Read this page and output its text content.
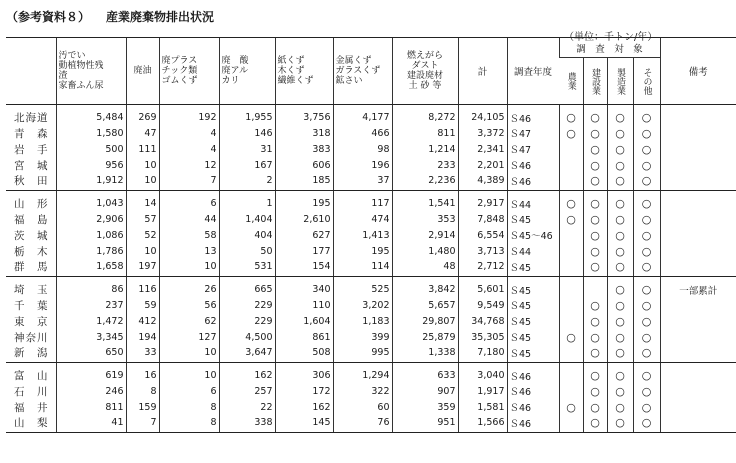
（参考資料８） 産業廃棄物排出状況
（単位：千トン/年）
	汚でい
動植物性残
渣
家畜ふん尿	廃油	廃プラス
チック類
ゴムくず	廃　酸
廃アル
カリ	紙くず
木くず
繊維くず	金属くず
ガラスくず
鉱さい	燃えがら
ダスト
建設廃材
土 砂 等	計	調査年度	調　査　対　象				備考
										農業	建設業	製造業	その他	
北海道	5,484	269	192	1,955	3,756	4,177	8,272	24,105	Ｓ46	○	○	○	○	
青森	1,580	47	4	146	318	466	811	3,372	Ｓ47	○	○	○	○	
岩手	500	111	4	31	383	98	1,214	2,341	Ｓ47		○	○	○	
宮城	956	10	12	167	606	196	233	2,201	Ｓ46		○	○	○	
秋田	1,912	10	7	2	185	37	2,236	4,389	Ｓ46		○	○	○	
山形	1,043	14	6	1	195	117	1,541	2,917	Ｓ44	○	○	○	○	
福島	2,906	57	44	1,404	2,610	474	353	7,848	Ｓ45	○	○	○	○	
茨城	1,086	52	58	404	627	1,413	2,914	6,554	Ｓ45～46		○	○	○	
栃木	1,786	10	13	50	177	195	1,480	3,713	Ｓ44		○	○	○	
群馬	1,658	197	10	531	154	114	48	2,712	Ｓ45		○	○	○	
埼玉	86	116	26	665	340	525	3,842	5,601	Ｓ45			○	○	一部累計
千葉	237	59	56	229	110	3,202	5,657	9,549	Ｓ45		○	○	○	
東京	1,472	412	62	229	1,604	1,183	29,807	34,768	Ｓ45		○	○	○	
神奈川	3,345	194	127	4,500	861	399	25,879	35,305	Ｓ45	○	○	○	○	
新潟	650	33	10	3,647	508	995	1,338	7,180	Ｓ45		○	○	○	
富山	619	16	10	162	306	1,294	633	3,040	Ｓ46		○	○	○	
石川	246	8	6	257	172	322	907	1,917	Ｓ46		○	○	○	
福井	811	159	8	22	162	60	359	1,581	Ｓ46	○	○	○	○	
山梨	41	7	8	338	145	76	951	1,566	Ｓ46		○	○	○	
